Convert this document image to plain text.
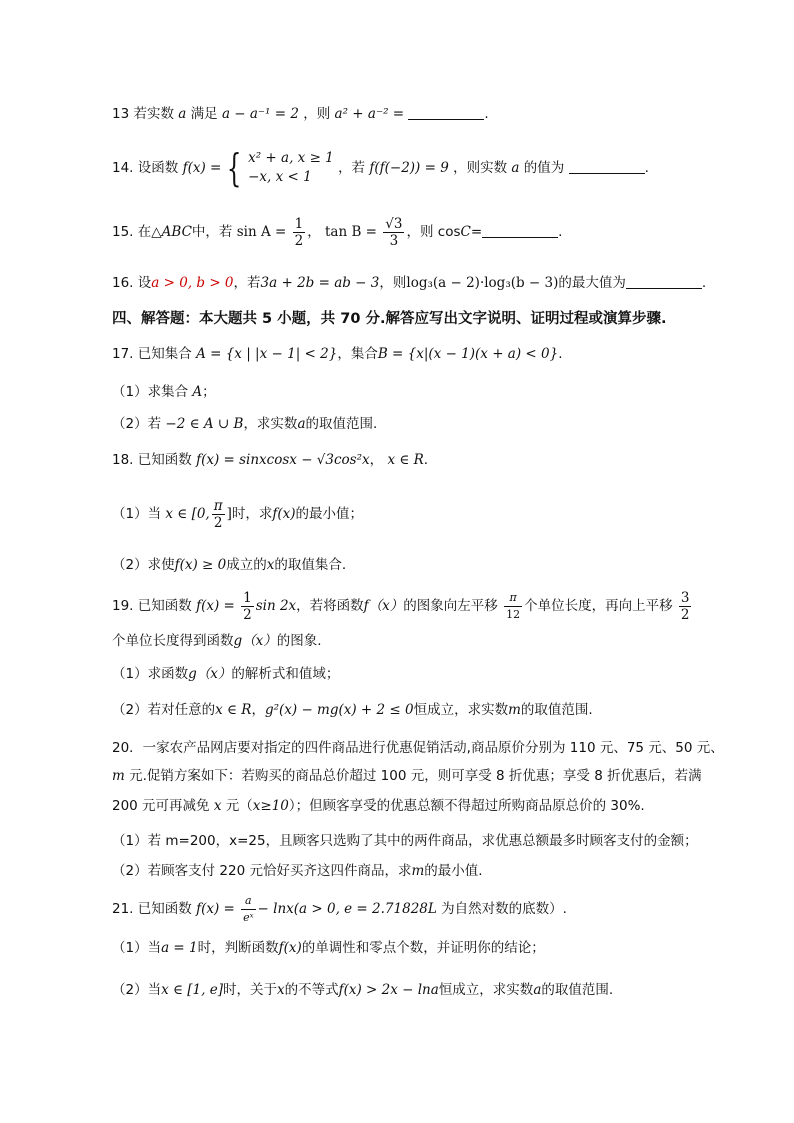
13 若实数 a 满足 a − a⁻¹ = 2 ，则 a² + a⁻² =	.
14. 设函数 f(x) = { x² + a, x ≥ 1
−x, x < 1
，若 f(f(−2)) = 9 ，则实数 a 的值为	.
15. 在△ABC中，若 $\sin A = \frac{1}{2}$ ， $\tan B = \frac{√3}{3}$ ，则 cosC=	.
16. 设a > 0, b > 0，若3a + 2b = ab − 3，则log₃(a − 2)·log₃(b − 3)的最大值为	.
四、解答题：本大题共 5 小题，共 70 分.解答应写出文字说明、证明过程或演算步骤.
17. 已知集合 A = {x | |x − 1| < 2}，集合B = {x|(x − 1)(x + a) < 0}.
（1）求集合 A；
（2）若 −2 ∈ A ∪ B，求实数a的取值范围.
18. 已知函数 f(x) = sinxcosx − √3cos²x， x ∈ R.
（1）当 x ∈ [0, $\frac{\pi}{2}$ ]时，求f(x)的最小值；
（2）求使f(x) ≥ 0成立的x的取值集合.
19. 已知函数 $f(x) = \frac{1}{2}$ sin 2x，若将函数f（x）的图象向左平移 $\frac{\pi}{12}$ 个单位长度，再向上平移 $\frac{3}{2}$
个单位长度得到函数g（x）的图象.
（1）求函数g（x）的解析式和值域；
（2）若对任意的x ∈ R，g²(x) − mg(x) + 2 ≤ 0恒成立，求实数m的取值范围.
20．一家农产品网店要对指定的四件商品进行优惠促销活动,商品原价分别为 110 元、75 元、50 元、
m 元.促销方案如下：若购买的商品总价超过 100 元，则可享受 8 折优惠；享受 8 折优惠后，若满
200 元可再减免 x 元（x≥10）；但顾客享受的优惠总额不得超过所购商品原总价的 30%.
（1）若 m=200，x=25，且顾客只选购了其中的两件商品，求优惠总额最多时顾客支付的金额；
（2）若顾客支付 220 元恰好买齐这四件商品，求m的最小值.
21. 已知函数 $f(x) = \frac{a}{\text{eˣ}} - \ln x(a > 0$, e = 2.71828L 为自然对数的底数）.
（1）当a = 1时，判断函数f(x)的单调性和零点个数，并证明你的结论；
（2）当x ∈ [1, e]时，关于x的不等式f(x) > 2x − lna恒成立，求实数a的取值范围.
